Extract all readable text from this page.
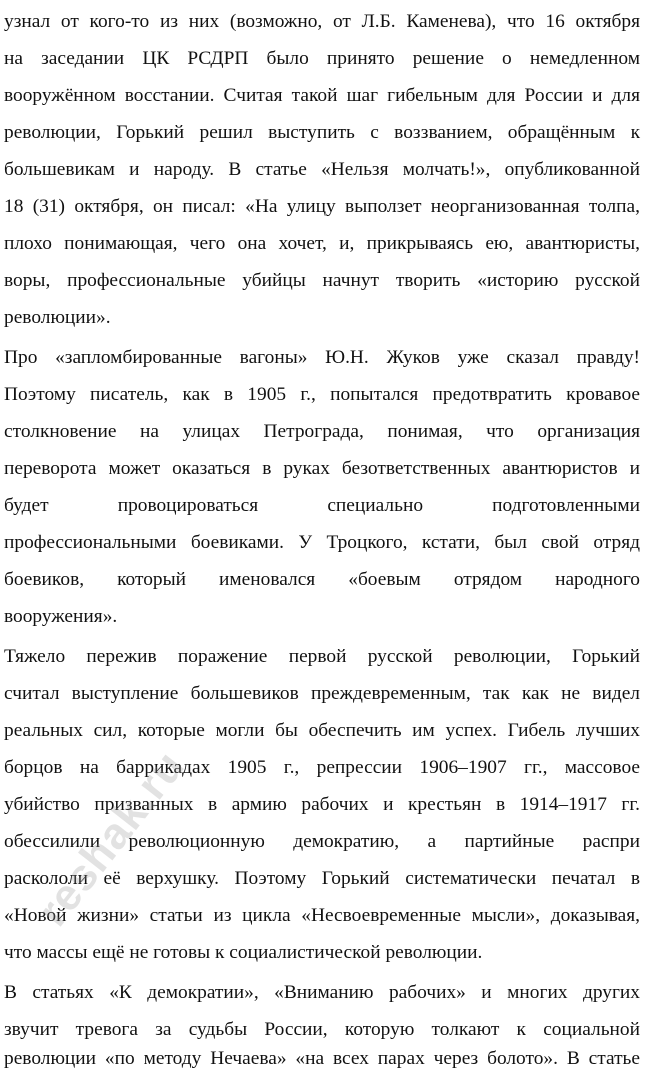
узнал от кого-то из них (возможно, от Л.Б. Каменева), что 16 октября
на заседании ЦК РСДРП было принято решение о немедленном
вооружённом восстании. Считая такой шаг гибельным для России и для
революции, Горький решил выступить с воззванием, обращённым к
большевикам и народу. В статье «Нельзя молчать!», опубликованной
18 (31) октября, он писал: «На улицу выползет неорганизованная толпа,
плохо понимающая, чего она хочет, и, прикрываясь ею, авантюристы,
воры, профессиональные убийцы начнут творить «историю русской
революции».
Про «запломбированные вагоны» Ю.Н. Жуков уже сказал правду!
Поэтому писатель, как в 1905 г., попытался предотвратить кровавое
столкновение на улицах Петрограда, понимая, что организация
переворота может оказаться в руках безответственных авантюристов и
будет провоцироваться специально подготовленными
профессиональными боевиками. У Троцкого, кстати, был свой отряд
боевиков, который именовался «боевым отрядом народного
вооружения».
Тяжело пережив поражение первой русской революции, Горький
считал выступление большевиков преждевременным, так как не видел
реальных сил, которые могли бы обеспечить им успех. Гибель лучших
борцов на баррикадах 1905 г., репрессии 1906–1907 гг., массовое
убийство призванных в армию рабочих и крестьян в 1914–1917 гг.
обессилили революционную демократию, а партийные распри
раскололи её верхушку. Поэтому Горький систематически печатал в
«Новой жизни» статьи из цикла «Несвоевременные мысли», доказывая,
что массы ещё не готовы к социалистической революции.
В статьях «К демократии», «Вниманию рабочих» и многих других
звучит тревога за судьбы России, которую толкают к социальной
революции «по методу Нечаева» «на всех парах через болото». В статье
reshak.ru
